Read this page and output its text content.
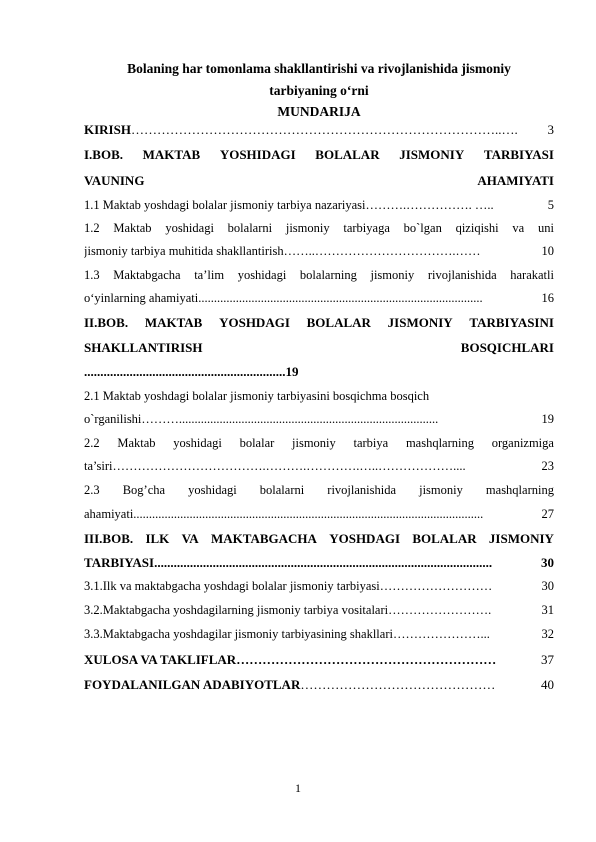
Bolaning har tomonlama shakllantirishi va rivojlanishida jismoniy
tarbiyaning o‘rni
MUNDARIJA
KIRISH …………………………………………………………………………..….	3
I.BOB. MAKTAB YOSHIDAGI BOLALAR JISMONIY TARBIYASI
VAUNING	AHAMIYATI
1.1 Maktab yoshdagi bolalar jismoniy tarbiya nazariyasi ……….……………. …..	5
1.2 Maktab yoshidagi bolalarni jismoniy tarbiyaga bo`lgan qiziqishi va uni
jismoniy tarbiya muhitida shakllantirish ……..…………………………….……	10
1.3 Maktabgacha ta’lim yoshidagi bolalarning jismoniy rivojlanishida harakatli
o‘yinlarning ahamiyati ...........................................................................................	16
II.BOB. MAKTAB YOSHDAGI BOLALAR JISMONIY TARBIYASINI
SHAKLLANTIRISH	BOSQICHLARI
..............................................................19
2.1 Maktab yoshdagi bolalar jismoniy tarbiyasini bosqichma bosqich
o`rganilishi ………...................................................................................	19
2.2 Maktab yoshidagi bolalar jismoniy tarbiya mashqlarning organizmiga
ta’siri ……………………………….……….………….…..………………....	23
2.3 Bog’cha yoshidagi bolalarni rivojlanishida jismoniy mashqlarning
ahamiyati ................................................................................................................	27
III.BOB. ILK VA MAKTABGACHA YOSHDAGI BOLALAR JISMONIY
TARBIYASI ........................................................................................................	30
3.1.Ilk va maktabgacha yoshdagi bolalar jismoniy tarbiyasi ………………………	30
3.2.Maktabgacha yoshdagilarning jismoniy tarbiya vositalari …………………….	31
3.3.Maktabgacha yoshdagilar jismoniy tarbiyasining shakllari …………………...	32
XULOSA VA TAKLIFLAR ……………………………………………………	37
FOYDALANILGAN ADABIYOTLAR ………………………………………	40
1
